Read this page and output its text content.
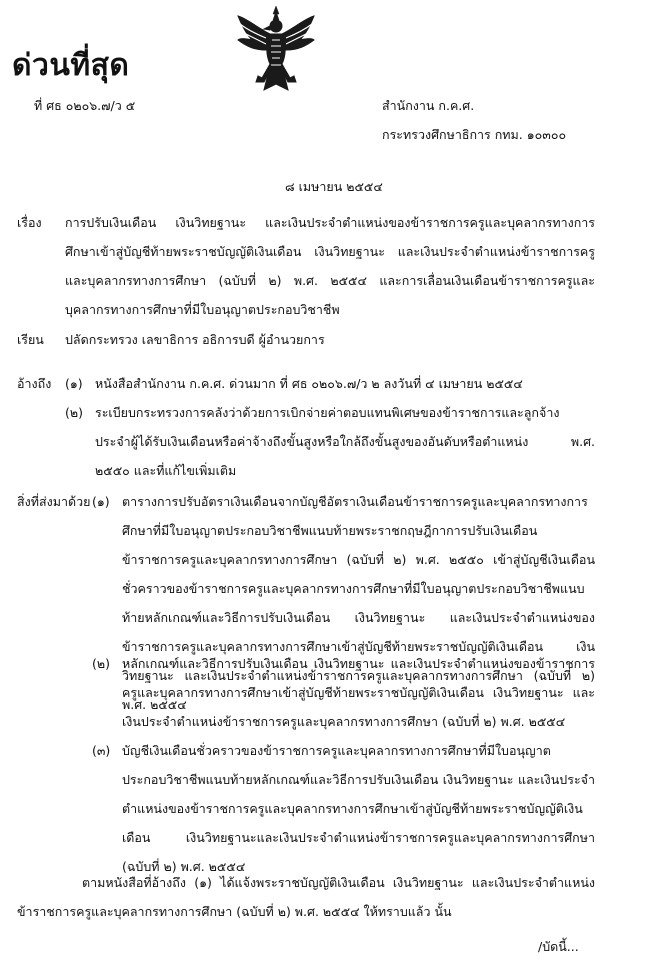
ด่วนที่สุด
ที่ ศธ ๐๒๐๖.๗/ว ๕	สำนักงาน ก.ค.ศ.
กระทรวงศึกษาธิการ กทม. ๑๐๓๐๐
๘ เมษายน ๒๕๕๔
เรื่อง การปรับเงินเดือน เงินวิทยฐานะ และเงินประจำตำแหน่งของข้าราชการครูและบุคลากรทางการศึกษาเข้าสู่บัญชีท้ายพระราชบัญญัติเงินเดือน เงินวิทยฐานะ และเงินประจำตำแหน่งข้าราชการครูและบุคลากรทางการศึกษา (ฉบับที่ ๒) พ.ศ. ๒๕๕๔ และการเลื่อนเงินเดือนข้าราชการครูและบุคลากรทางการศึกษาที่มีใบอนุญาตประกอบวิชาชีพ
เรียน ปลัดกระทรวง เลขาธิการ อธิการบดี ผู้อำนวยการ
อ้างถึง (๑) หนังสือสำนักงาน ก.ค.ศ. ด่วนมาก ที่ ศธ ๐๒๐๖.๗/ว ๒ ลงวันที่ ๔ เมษายน ๒๕๕๔
(๒) ระเบียบกระทรวงการคลังว่าด้วยการเบิกจ่ายค่าตอบแทนพิเศษของข้าราชการและลูกจ้างประจำผู้ได้รับเงินเดือนหรือค่าจ้างถึงขั้นสูงหรือใกล้ถึงขั้นสูงของอันดับหรือตำแหน่ง พ.ศ. ๒๕๕๐ และที่แก้ไขเพิ่มเติม
สิ่งที่ส่งมาด้วย (๑) ตารางการปรับอัตราเงินเดือนจากบัญชีอัตราเงินเดือนข้าราชการครูและบุคลากรทางการศึกษาที่มีใบอนุญาตประกอบวิชาชีพแนบท้ายพระราชกฤษฎีกาการปรับเงินเดือนข้าราชการครูและบุคลากรทางการศึกษา (ฉบับที่ ๒) พ.ศ. ๒๕๕๐ เข้าสู่บัญชีเงินเดือนชั่วคราวของข้าราชการครูและบุคลากรทางการศึกษาที่มีใบอนุญาตประกอบวิชาชีพแนบท้ายหลักเกณฑ์และวิธีการปรับเงินเดือน เงินวิทยฐานะ และเงินประจำตำแหน่งของข้าราชการครูและบุคลากรทางการศึกษาเข้าสู่บัญชีท้ายพระราชบัญญัติเงินเดือน เงินวิทยฐานะ และเงินประจำตำแหน่งข้าราชการครูและบุคลากรทางการศึกษา (ฉบับที่ ๒) พ.ศ. ๒๕๕๔
(๒) หลักเกณฑ์และวิธีการปรับเงินเดือน เงินวิทยฐานะ และเงินประจำตำแหน่งของข้าราชการครูและบุคลากรทางการศึกษาเข้าสู่บัญชีท้ายพระราชบัญญัติเงินเดือน เงินวิทยฐานะ และเงินประจำตำแหน่งข้าราชการครูและบุคลากรทางการศึกษา (ฉบับที่ ๒) พ.ศ. ๒๕๕๔
(๓) บัญชีเงินเดือนชั่วคราวของข้าราชการครูและบุคลากรทางการศึกษาที่มีใบอนุญาตประกอบวิชาชีพแนบท้ายหลักเกณฑ์และวิธีการปรับเงินเดือน เงินวิทยฐานะ และเงินประจำตำแหน่งของข้าราชการครูและบุคลากรทางการศึกษาเข้าสู่บัญชีท้ายพระราชบัญญัติเงินเดือน เงินวิทยฐานะและเงินประจำตำแหน่งข้าราชการครูและบุคลากรทางการศึกษา (ฉบับที่ ๒) พ.ศ. ๒๕๕๔
ตามหนังสือที่อ้างถึง (๑) ได้แจ้งพระราชบัญญัติเงินเดือน เงินวิทยฐานะ และเงินประจำตำแหน่งข้าราชการครูและบุคลากรทางการศึกษา (ฉบับที่ ๒) พ.ศ. ๒๕๕๔ ให้ทราบแล้ว นั้น
/บัดนี้...
